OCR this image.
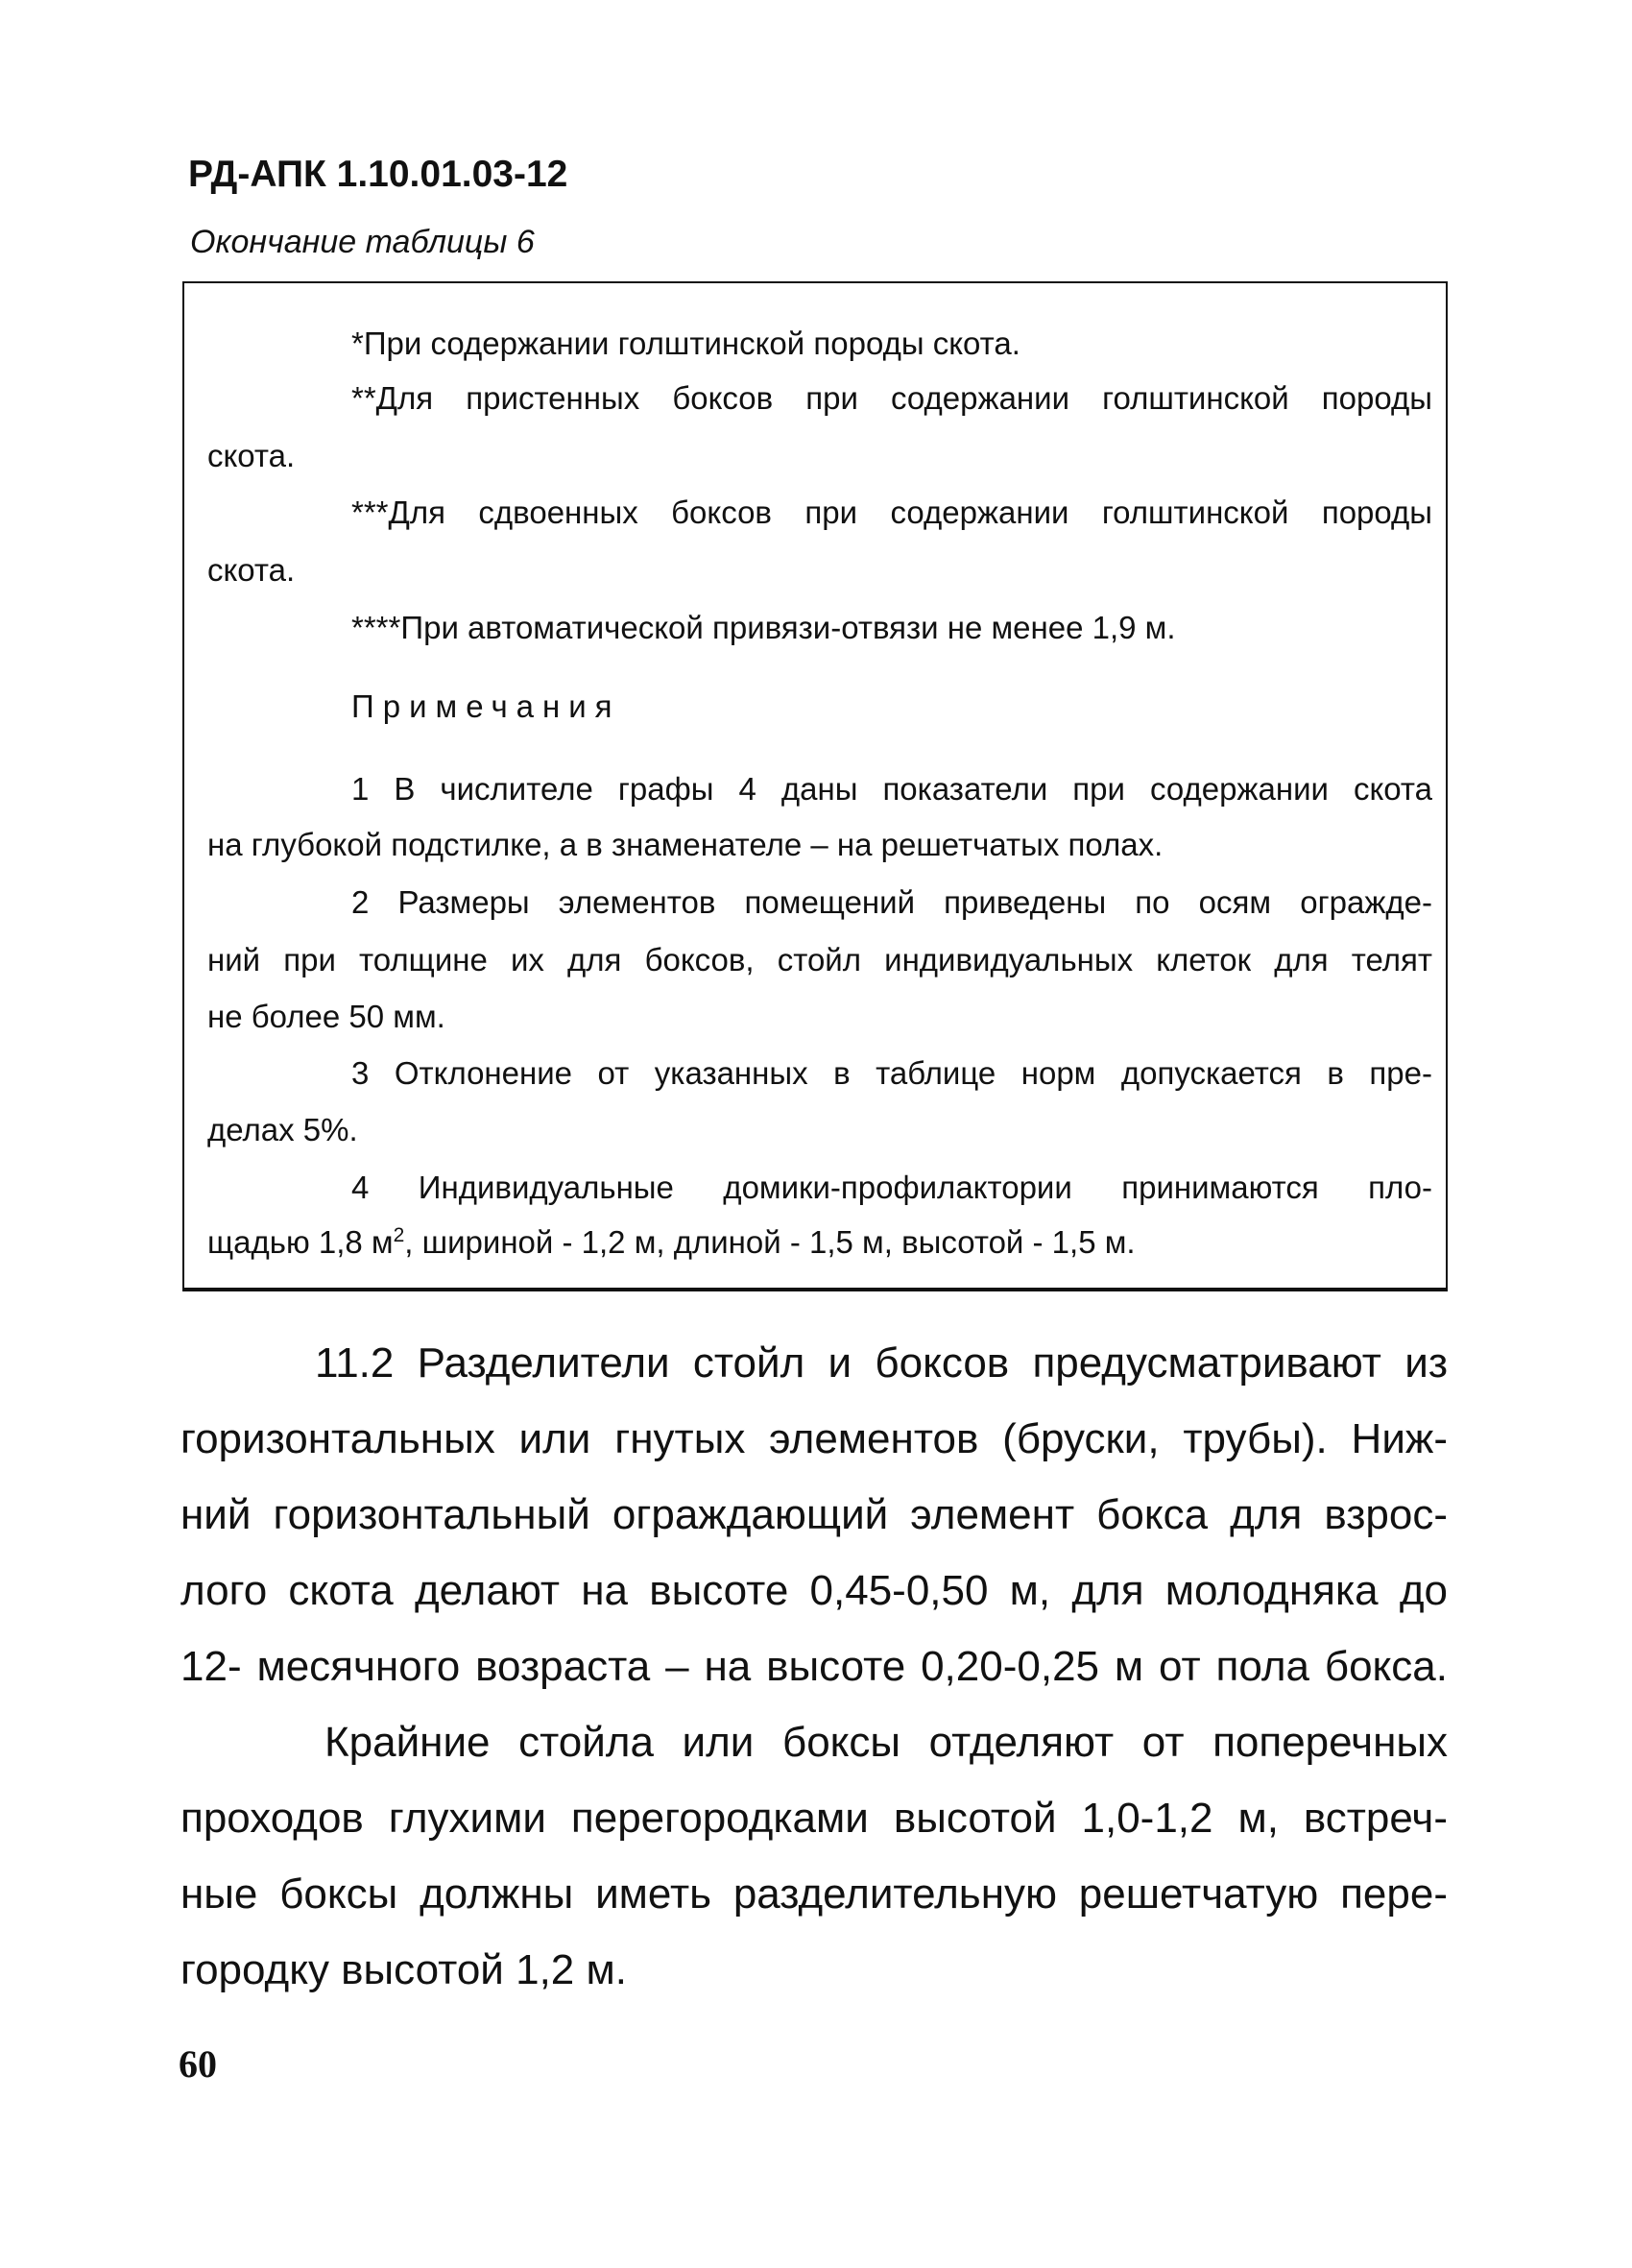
РД-АПК 1.10.01.03-12
Окончание таблицы 6
*При содержании голштинской породы скота.
**Для пристенных боксов при содержании голштинской породы
скота.
***Для сдвоенных боксов при содержании голштинской породы
скота.
****При автоматической привязи-отвязи не менее 1,9 м.
Примечания
1 В числителе графы 4 даны показатели при содержании скота
на глубокой подстилке, а в знаменателе – на решетчатых полах.
2 Размеры элементов помещений приведены по осям огражде-
ний при толщине их для боксов, стойл индивидуальных клеток для телят
не более 50 мм.
3 Отклонение от указанных в таблице норм допускается в пре-
делах 5%.
4 Индивидуальные домики-профилактории принимаются пло-
щадью 1,8 $м^2$, шириной - 1,2 м, длиной - 1,5 м, высотой - 1,5 м.
11.2 Разделители стойл и боксов предусматривают из
горизонтальных или гнутых элементов (бруски, трубы). Ниж-
ний горизонтальный ограждающий элемент бокса для взрос-
лого скота делают на высоте 0,45-0,50 м, для молодняка до
12- месячного возраста – на высоте 0,20-0,25 м от пола бокса.
Крайние стойла или боксы отделяют от поперечных
проходов глухими перегородками высотой 1,0-1,2 м, встреч-
ные боксы должны иметь разделительную решетчатую пере-
городку высотой 1,2 м.
60
